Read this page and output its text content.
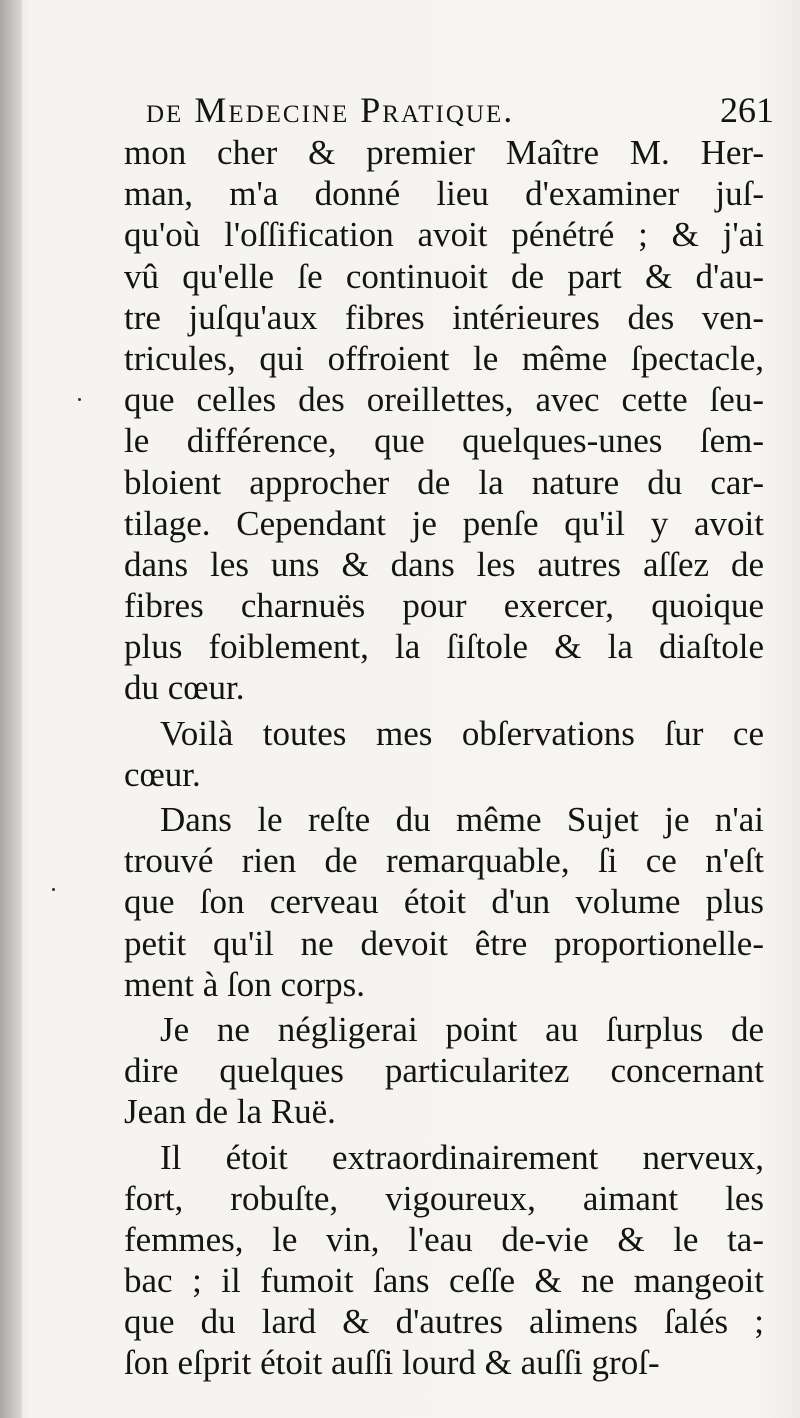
de Medecine Pratique.	261
mon cher & premier Maître M. Her-
man, m'a donné lieu d'examiner juſ-
qu'où l'oſſification avoit pénétré ; & j'ai
vû qu'elle ſe continuoit de part & d'au-
tre juſqu'aux fibres intérieures des ven-
tricules, qui offroient le même ſpectacle,
que celles des oreillettes, avec cette ſeu-
le différence, que quelques-unes ſem-
bloient approcher de la nature du car-
tilage. Cependant je penſe qu'il y avoit
dans les uns & dans les autres aſſez de
fibres charnuës pour exercer, quoique
plus foiblement, la ſiſtole & la diaſtole
du cœur.
Voilà toutes mes obſervations ſur ce
cœur.
Dans le reſte du même Sujet je n'ai
trouvé rien de remarquable, ſi ce n'eſt
que ſon cerveau étoit d'un volume plus
petit qu'il ne devoit être proportionelle-
ment à ſon corps.
Je ne négligerai point au ſurplus de
dire quelques particularitez concernant
Jean de la Ruë.
Il étoit extraordinairement nerveux,
fort, robuſte, vigoureux, aimant les
femmes, le vin, l'eau de-vie & le ta-
bac ; il fumoit ſans ceſſe & ne mangeoit
que du lard & d'autres alimens ſalés ;
ſon eſprit étoit auſſi lourd & auſſi groſ-
